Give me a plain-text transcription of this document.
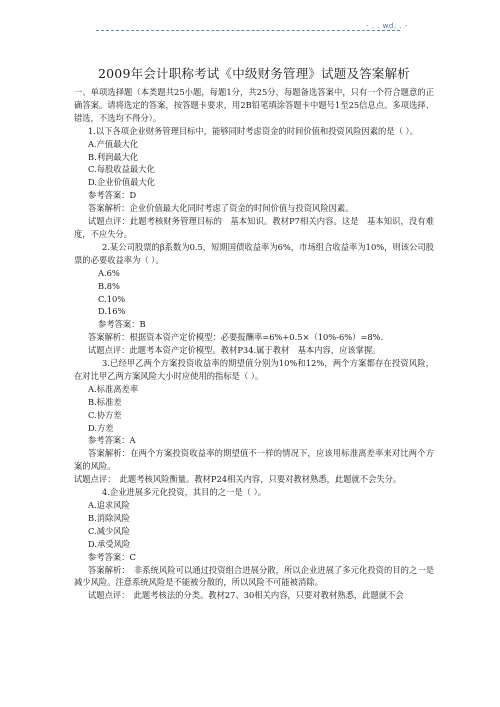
- . . wd. . -
2009年会计职称考试《中级财务管理》试题及答案解析

一、单项选择题（本类题共25小题，每题1分，共25分，每题备选答案中，只有一个符合题意的正确答案。请将选定的答案，按答题卡要求，用2B铅笔填涂答题卡中题号1至25信息点。多项选择、错选，不选均不得分）。

1.以下各项企业财务管理目标中，能够同时考虑资金的时间价值和投资风险因素的是（ ）。

A.产值最大化

B.利润最大化

C.每股收益最大化

D.企业价值最大化

参考答案：D

答案解析：企业价值最大化同时考虑了资金的时间价值与投资风险因素。

试题点评：此题考核财务管理目标的　基本知识。教材P7相关内容。这是　基本知识，没有难度，不应失分。

2.某公司股票的β系数为0.5，短期国债收益率为6%，市场组合收益率为10%，则该公司股票的必要收益率为（ ）。

A.6%

B.8%

C.10%

D.16%

参考答案：B

答案解析：根据资本资产定价模型：必要报酬率=6%+0.5×（10%-6%）=8%.

试题点评：此题考本资产定价模型。教材P34.属于教材　基本内容，应该掌握。

3.已经甲乙两个方案投资收益率的期望值分别为10%和12%，两个方案都存在投资风险，在对比甲乙两方案风险大小时应使用的指标是（ ）。

A.标准离差率

B.标准差

C.协方差

D.方差

参考答案：A

答案解析：在两个方案投资收益率的期望值不一样的情况下，应该用标准离差率来对比两个方案的风险。

试题点评：　此题考核风险衡量。教材P24相关内容，只要对教材熟悉，此题就不会失分。

4.企业进展多元化投资，其目的之一是（ ）。

A.追求风险

B.消除风险

C.减少风险

D.承受风险

参考答案：C

答案解析：　非系统风险可以通过投资组合进展分散，所以企业进展了多元化投资的目的之一是减少风险。注意系统风险是不能被分散的，所以风险不可能被消除。

试题点评：　此题考核法的分类。教材27、30相关内容，只要对教材熟悉，此题就不会
